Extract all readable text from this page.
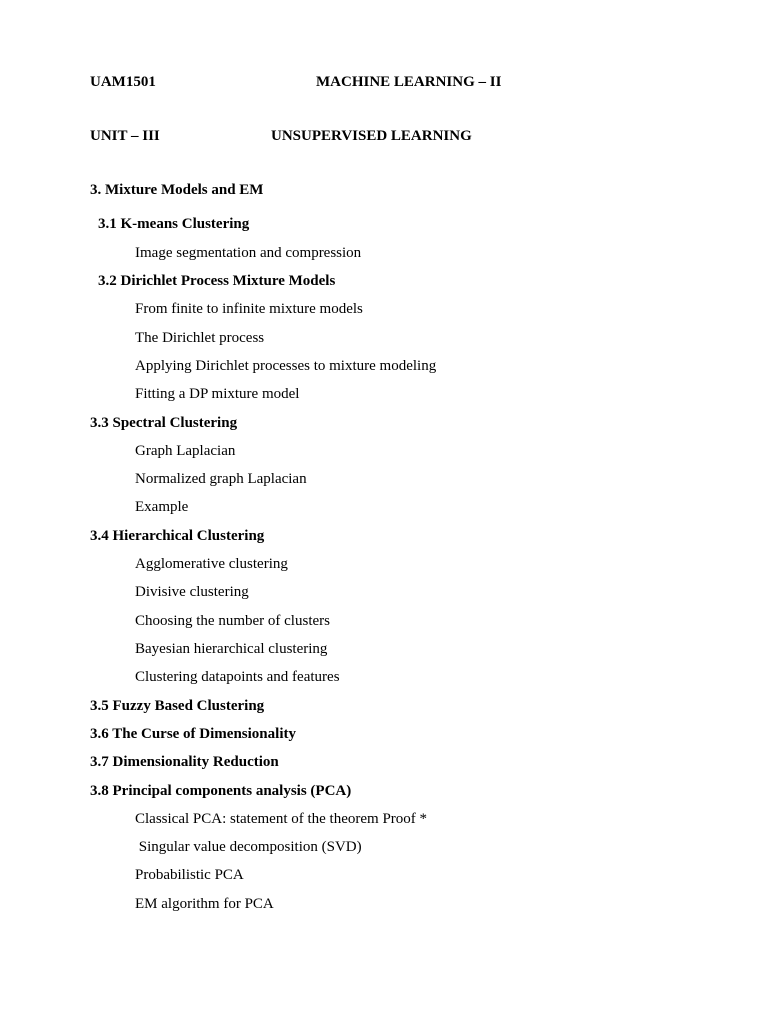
UAM1501	MACHINE LEARNING – II
UNIT – III	UNSUPERVISED LEARNING
3. Mixture Models and EM
3.1 K-means Clustering
Image segmentation and compression
3.2 Dirichlet Process Mixture Models
From finite to infinite mixture models
The Dirichlet process
Applying Dirichlet processes to mixture modeling
Fitting a DP mixture model
3.3 Spectral Clustering
Graph Laplacian
Normalized graph Laplacian
Example
3.4 Hierarchical Clustering
Agglomerative clustering
Divisive clustering
Choosing the number of clusters
Bayesian hierarchical clustering
Clustering datapoints and features
3.5 Fuzzy Based Clustering
3.6 The Curse of Dimensionality
3.7 Dimensionality Reduction
3.8 Principal components analysis (PCA)
Classical PCA: statement of the theorem Proof *
Singular value decomposition (SVD)
Probabilistic PCA
EM algorithm for PCA
